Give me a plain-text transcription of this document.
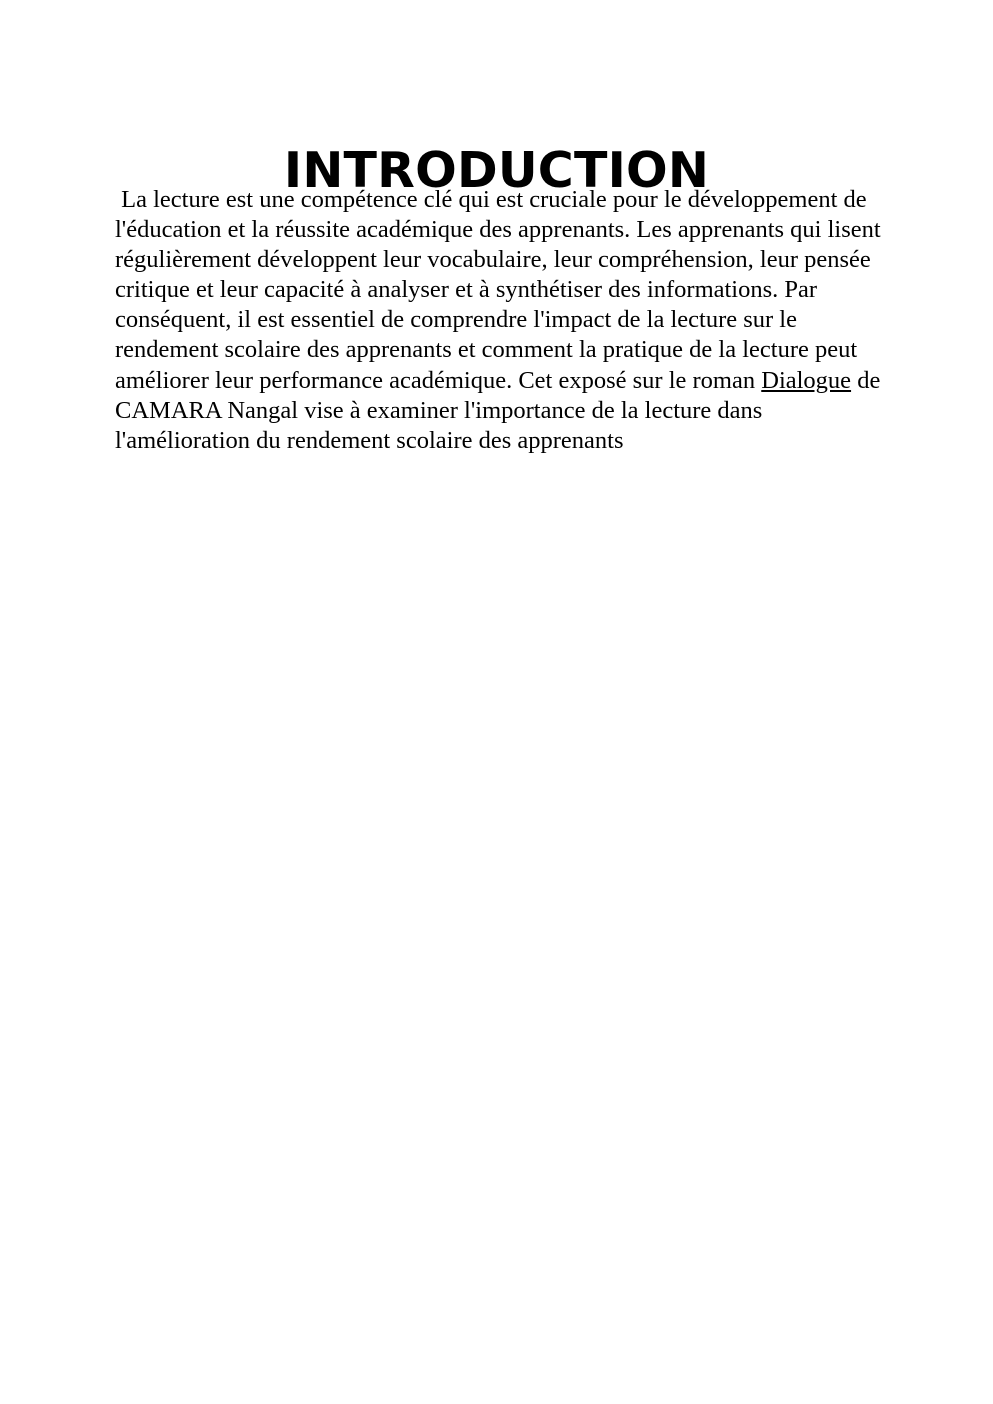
INTRODUCTION

La lecture est une compétence clé qui est cruciale pour le développement de l'éducation et la réussite académique des apprenants. Les apprenants qui lisent régulièrement développent leur vocabulaire, leur compréhension, leur pensée critique et leur capacité à analyser et à synthétiser des informations. Par conséquent, il est essentiel de comprendre l'impact de la lecture sur le rendement scolaire des apprenants et comment la pratique de la lecture peut améliorer leur performance académique. Cet exposé sur le roman Dialogue de CAMARA Nangal vise à examiner l'importance de la lecture dans l'amélioration du rendement scolaire des apprenants
